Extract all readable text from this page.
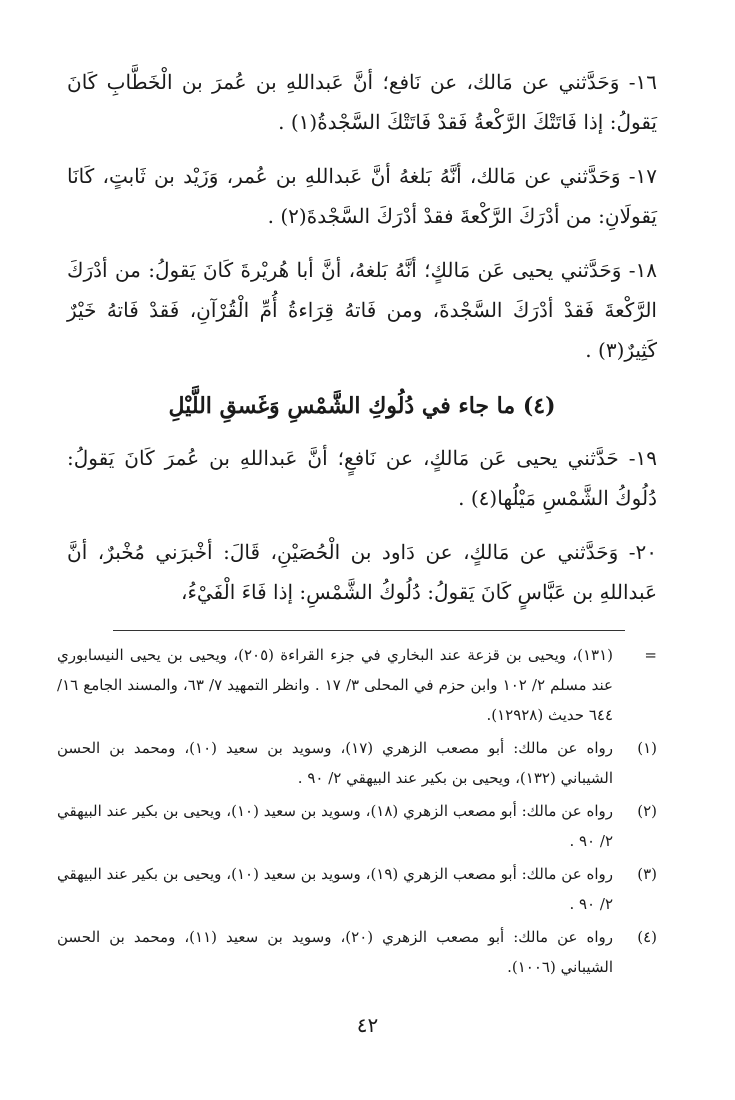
١٦- وَحَدَّثني عن مَالك، عن نَافع؛ أنَّ عَبداللهِ بن عُمرَ بن الْخَطَّابِ كَانَ يَقولُ: إذا فَاتَتْكَ الرَّكْعةُ فَقدْ فَاتَتْكَ السَّجْدةُ(١) .

١٧- وَحَدَّثني عن مَالك، أنَّهُ بَلغهُ أنَّ عَبداللهِ بن عُمر، وَزَيْد بن ثَابتٍ، كَانَا يَقولَانِ: من أدْرَكَ الرَّكْعةَ فقدْ أدْرَكَ السَّجْدةَ(٢) .

١٨- وَحَدَّثني يحيى عَن مَالكٍ؛ أنَّهُ بَلغهُ، أنَّ أبا هُريْرةَ كَانَ يَقولُ: من أدْرَكَ الرَّكْعةَ فَقدْ أدْرَكَ السَّجْدةَ، ومن فَاتهُ قِرَاءةُ أُمِّ الْقُرْآنِ، فَقدْ فَاتهُ خَيْرٌ كَثِيرٌ(٣) .

(٤) ما جاء في دُلُوكِ الشَّمْسِ وَغَسقِ اللَّيْلِ

١٩- حَدَّثني يحيى عَن مَالكٍ، عن نَافعٍ؛ أنَّ عَبداللهِ بن عُمرَ كَانَ يَقولُ: دُلُوكُ الشَّمْسِ مَيْلُها(٤) .

٢٠- وَحَدَّثني عن مَالكٍ، عن دَاود بن الْحُصَيْنِ، قَالَ: أخْبرَني مُخْبرٌ، أنَّ عَبداللهِ بن عَبَّاسٍ كَانَ يَقولُ: دُلُوكُ الشَّمْسِ: إذا فَاءَ الْفَيْءُ،

=
(١٣١)، ويحيى بن قزعة عند البخاري في جزء القراءة (٢٠٥)، ويحيى بن يحيى النيسابوري عند مسلم ٢/ ١٠٢ وابن حزم في المحلى ٣/ ١٧ . وانظر التمهيد ٧/ ٦٣، والمسند الجامع ١٦/ ٦٤٤ حديث (١٢٩٢٨).
(١)
رواه عن مالك: أبو مصعب الزهري (١٧)، وسويد بن سعيد (١٠)، ومحمد بن الحسن الشيباني (١٣٢)، ويحيى بن بكير عند البيهقي ٢/ ٩٠ .
(٢)
رواه عن مالك: أبو مصعب الزهري (١٨)، وسويد بن سعيد (١٠)، ويحيى بن بكير عند البيهقي ٢/ ٩٠ .
(٣)
رواه عن مالك: أبو مصعب الزهري (١٩)، وسويد بن سعيد (١٠)، ويحيى بن بكير عند البيهقي ٢/ ٩٠ .
(٤)
رواه عن مالك: أبو مصعب الزهري (٢٠)، وسويد بن سعيد (١١)، ومحمد بن الحسن الشيباني (١٠٠٦).
٤٢
